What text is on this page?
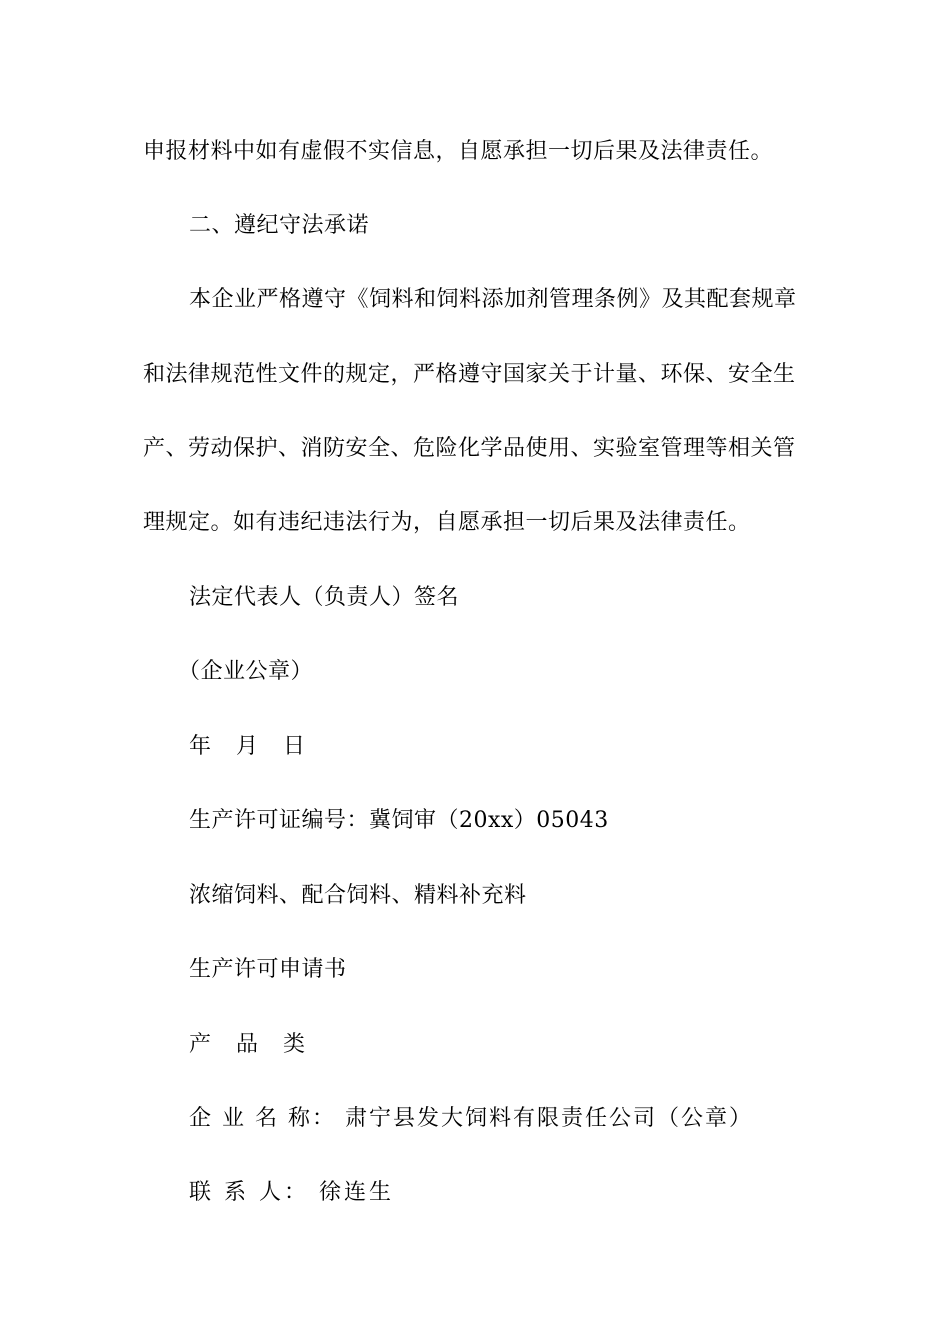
申报材料中如有虚假不实信息，自愿承担一切后果及法律责任。
二、遵纪守法承诺
本企业严格遵守《饲料和饲料添加剂管理条例》及其配套规章
和法律规范性文件的规定，严格遵守国家关于计量、环保、安全生
产、劳动保护、消防安全、危险化学品使用、实验室管理等相关管
理规定。如有违纪违法行为，自愿承担一切后果及法律责任。
法定代表人（负责人）签名
（企业公章）
年 月 日
生产许可证编号：冀饲审（20xx）05043
浓缩饲料、配合饲料、精料补充料
生产许可申请书
产 品 类
企 业 名 称： 肃宁县发大饲料有限责任公司（公章）
联 系 人： 徐连生
